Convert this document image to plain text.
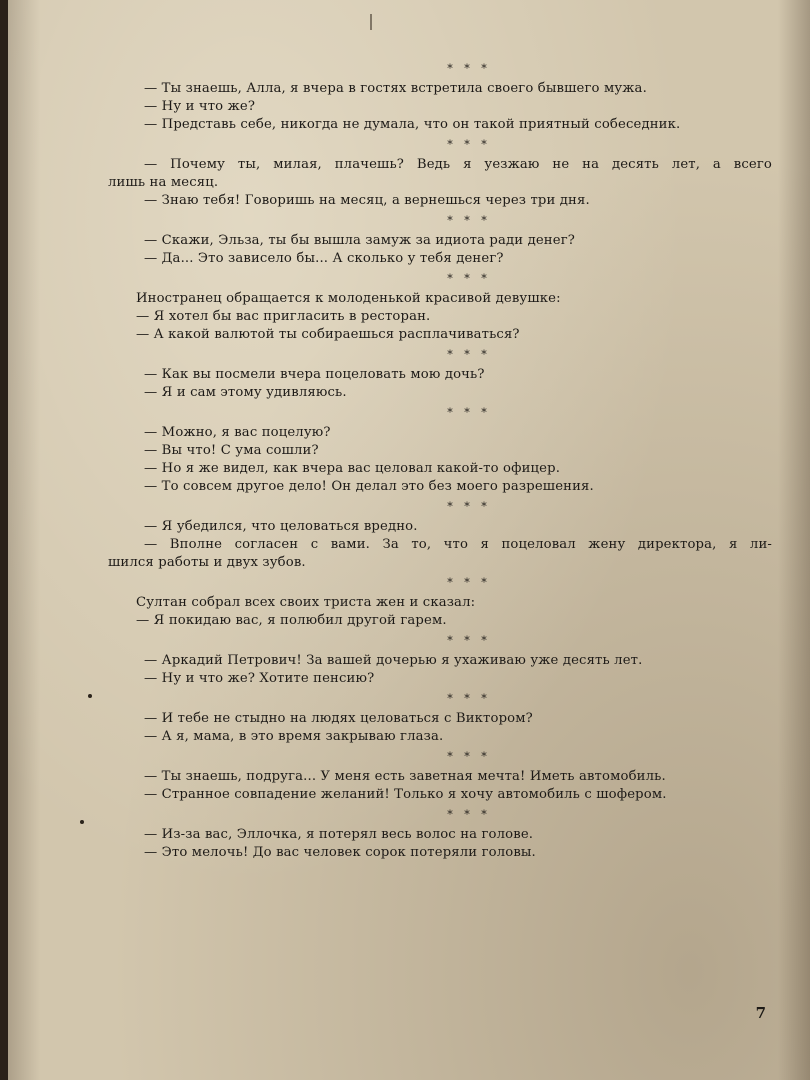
* * *
— Ты знаешь, Алла, я вчера в гостях встретила своего бывшего мужа.
— Ну и что же?
— Представь себе, никогда не думала, что он такой приятный собеседник.
* * *
— Почему ты, милая, плачешь? Ведь я уезжаю не на десять лет, а всего
лишь на месяц.
— Знаю тебя! Говоришь на месяц, а вернешься через три дня.
* * *
— Скажи, Эльза, ты бы вышла замуж за идиота ради денег?
— Да... Это зависело бы... А сколько у тебя денег?
* * *
Иностранец обращается к молоденькой красивой девушке:
— Я хотел бы вас пригласить в ресторан.
— А какой валютой ты собираешься расплачиваться?
* * *
— Как вы посмели вчера поцеловать мою дочь?
— Я и сам этому удивляюсь.
* * *
— Можно, я вас поцелую?
— Вы что! С ума сошли?
— Но я же видел, как вчера вас целовал какой-то офицер.
— То совсем другое дело! Он делал это без моего разрешения.
* * *
— Я убедился, что целоваться вредно.
— Вполне согласен с вами. За то, что я поцеловал жену директора, я ли-
шился работы и двух зубов.
* * *
Султан собрал всех своих триста жен и сказал:
— Я покидаю вас, я полюбил другой гарем.
* * *
— Аркадий Петрович! За вашей дочерью я ухаживаю уже десять лет.
— Ну и что же? Хотите пенсию?
* * *
— И тебе не стыдно на людях целоваться с Виктором?
— А я, мама, в это время закрываю глаза.
* * *
— Ты знаешь, подруга... У меня есть заветная мечта! Иметь автомобиль.
— Странное совпадение желаний! Только я хочу автомобиль с шофером.
* * *
— Из-за вас, Эллочка, я потерял весь волос на голове.
— Это мелочь! До вас человек сорок потеряли головы.
7
